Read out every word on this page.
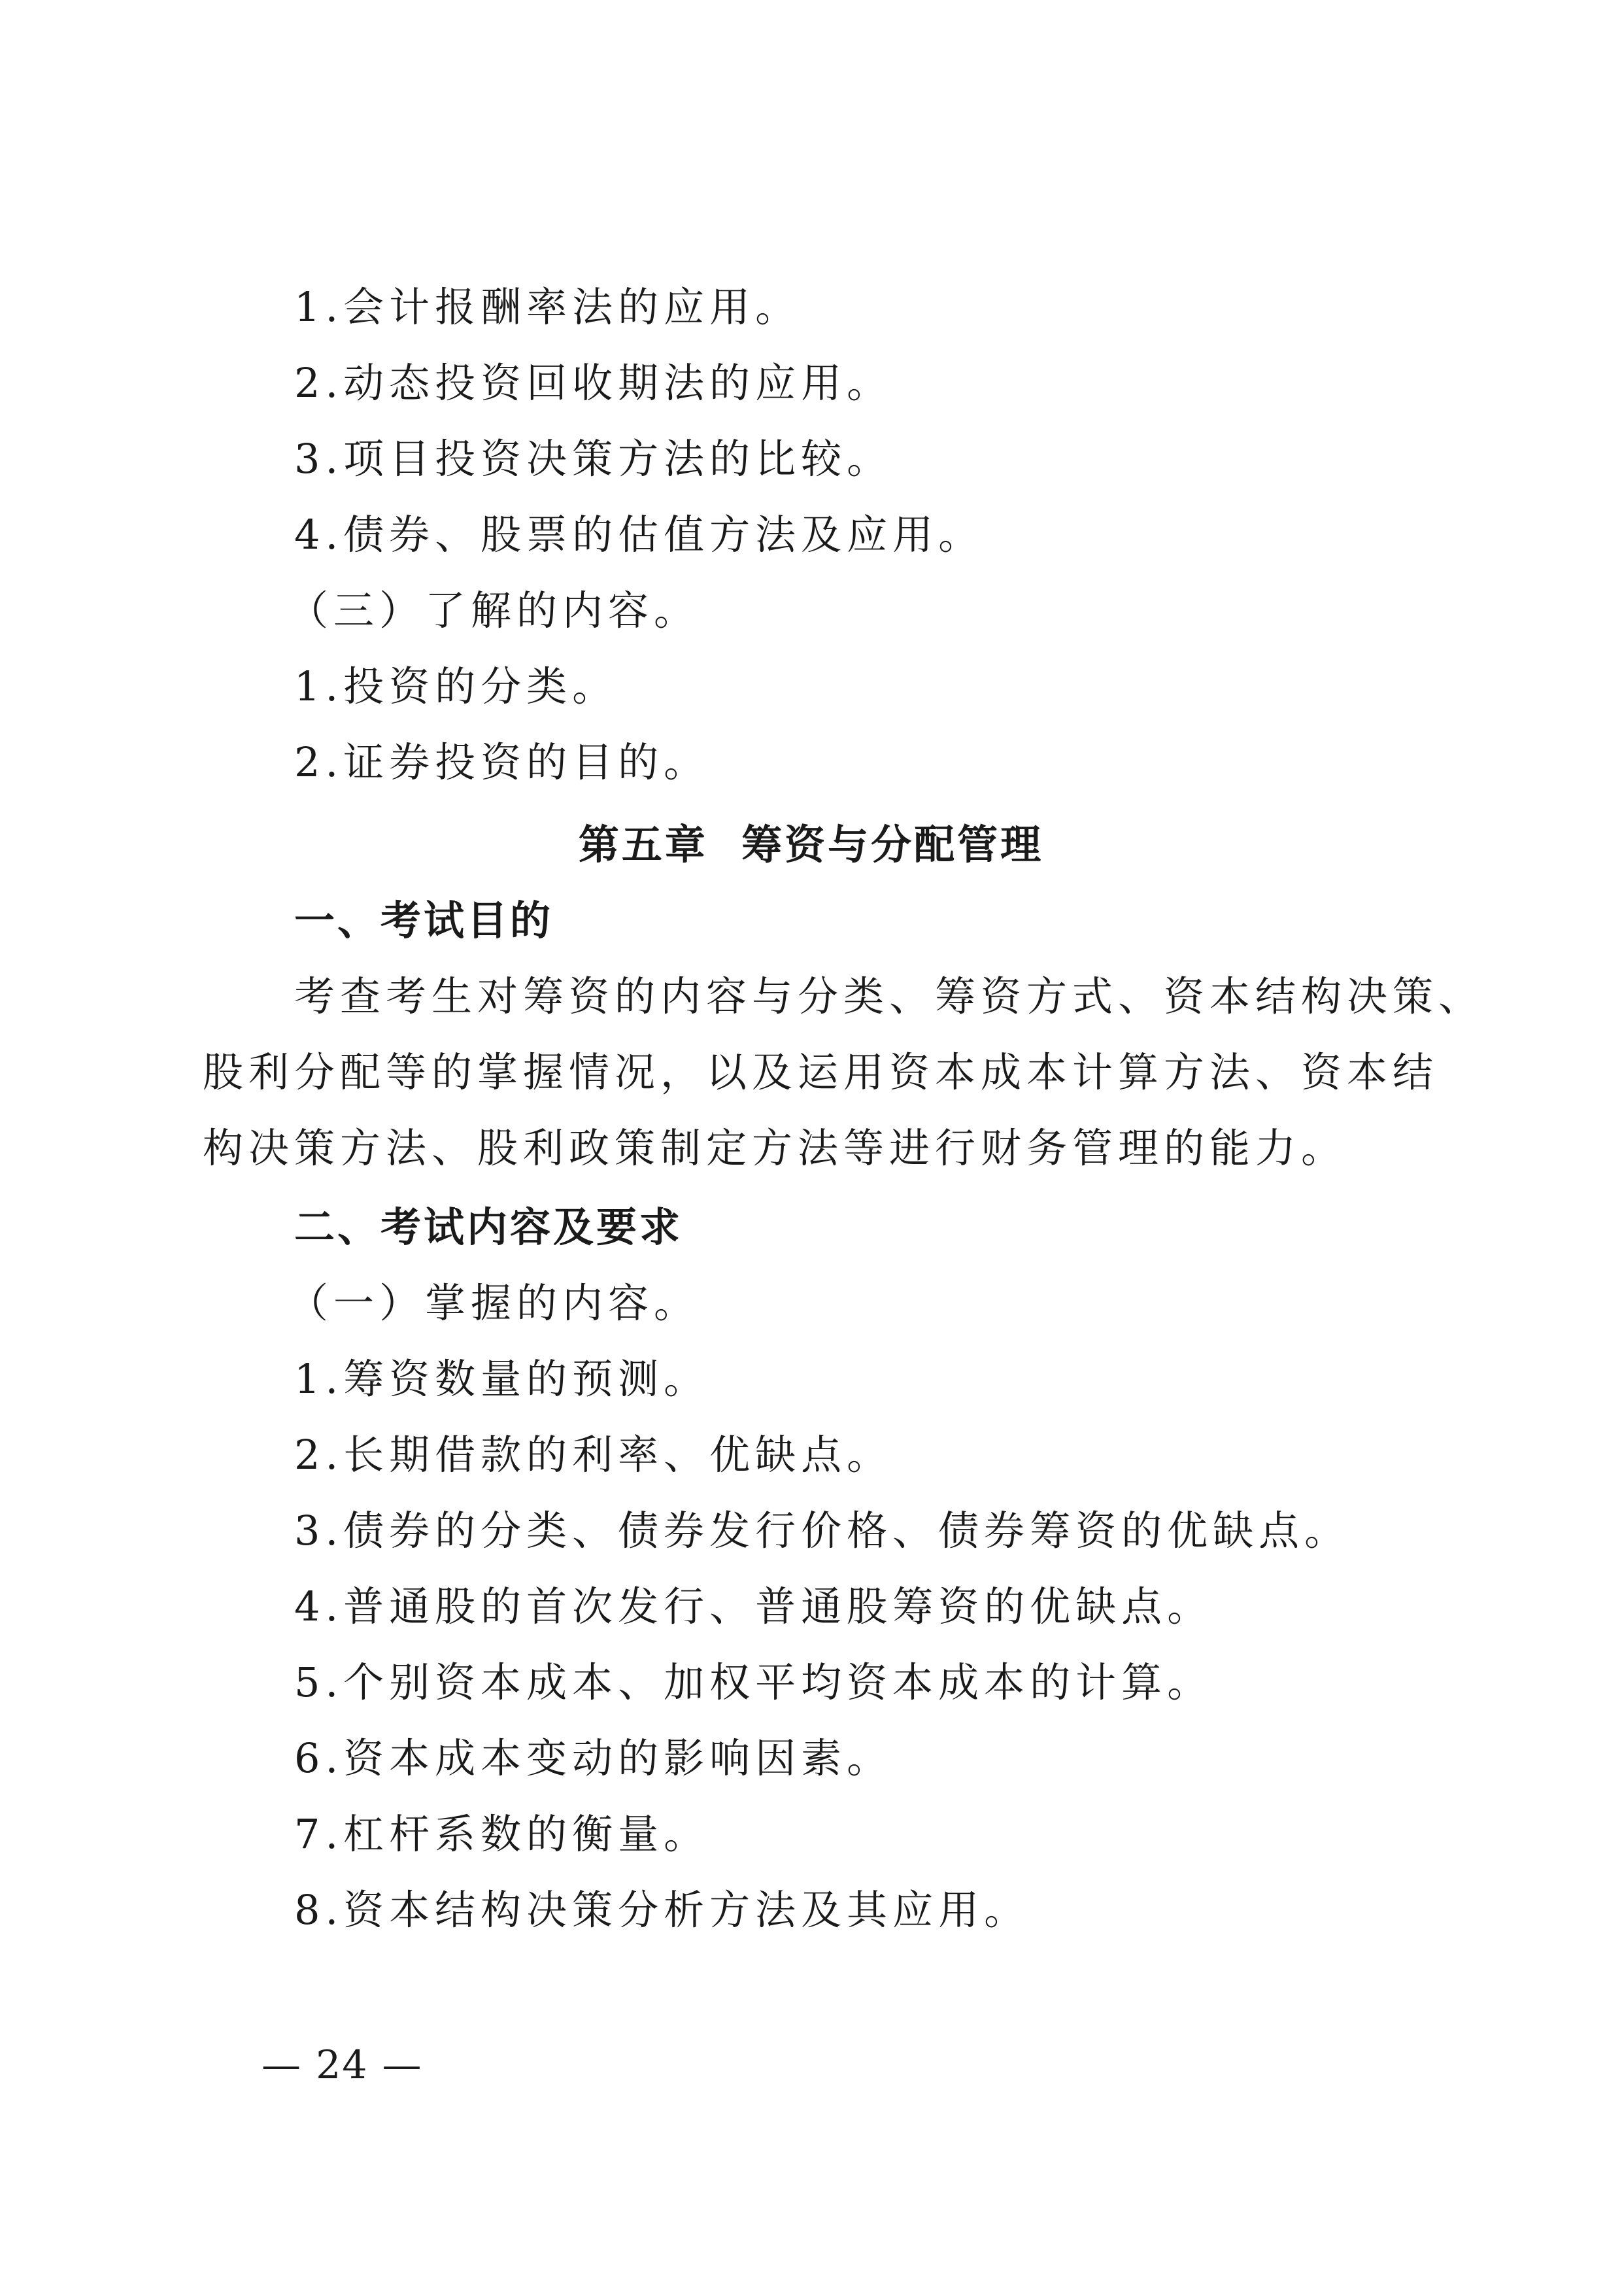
1.会计报酬率法的应用。
2.动态投资回收期法的应用。
3.项目投资决策方法的比较。
4.债券、股票的估值方法及应用。
（三）了解的内容。
1.投资的分类。
2.证券投资的目的。
第五章  筹资与分配管理
一、考试目的
考查考生对筹资的内容与分类、筹资方式、资本结构决策、
股利分配等的掌握情况，以及运用资本成本计算方法、资本结
构决策方法、股利政策制定方法等进行财务管理的能力。
二、考试内容及要求
（一）掌握的内容。
1.筹资数量的预测。
2.长期借款的利率、优缺点。
3.债券的分类、债券发行价格、债券筹资的优缺点。
4.普通股的首次发行、普通股筹资的优缺点。
5.个别资本成本、加权平均资本成本的计算。
6.资本成本变动的影响因素。
7.杠杆系数的衡量。
8.资本结构决策分析方法及其应用。
— 24 —
